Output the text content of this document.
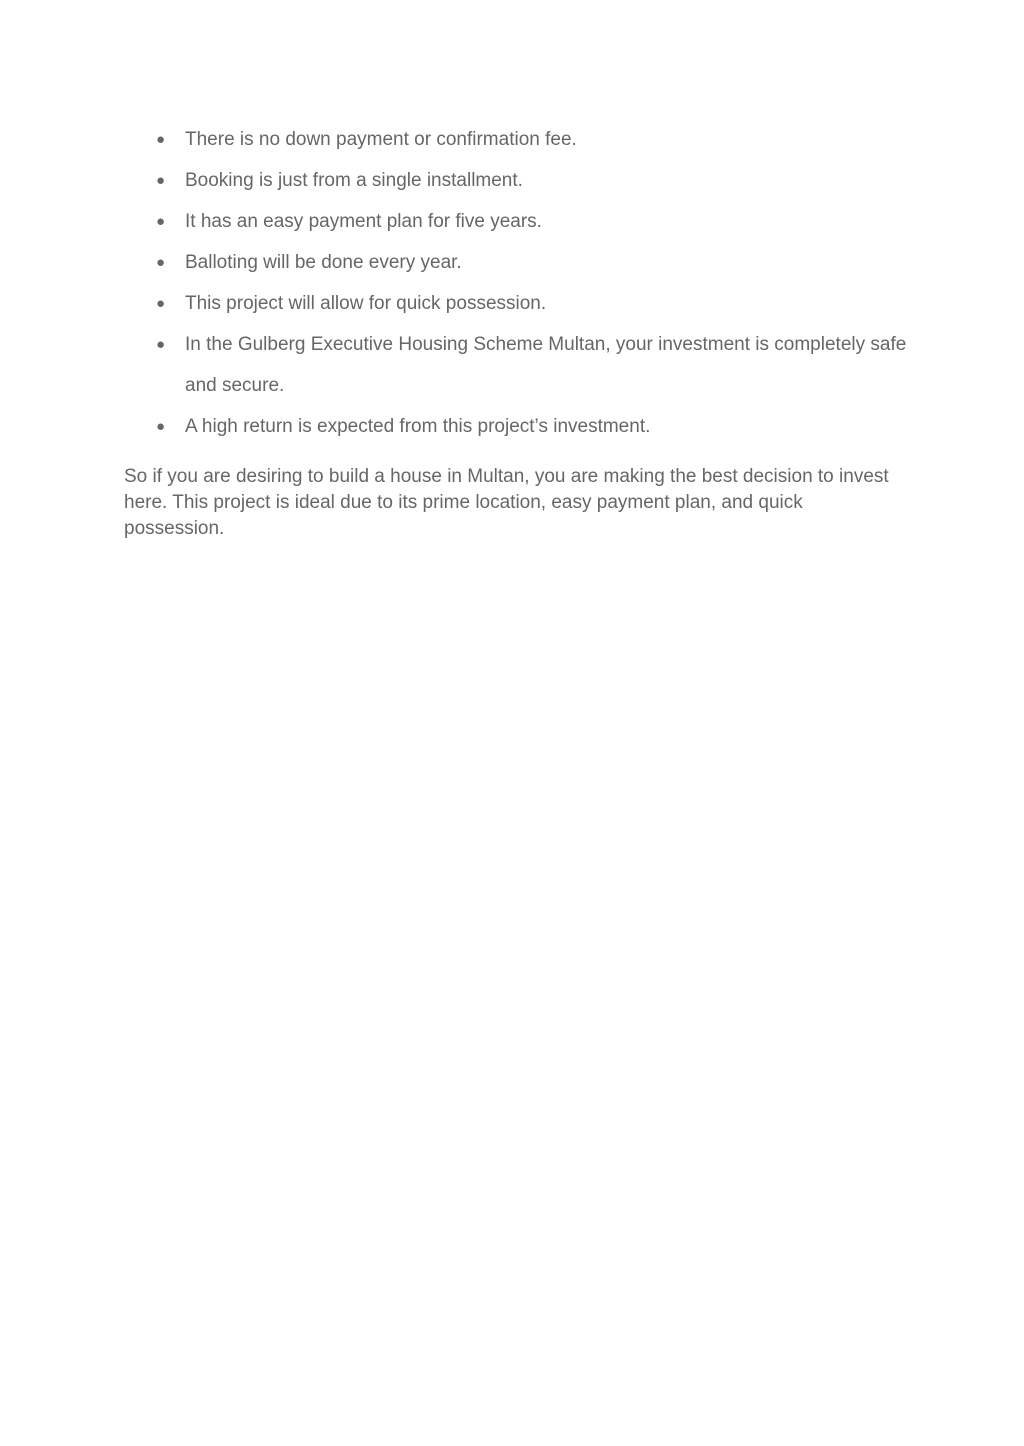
● There is no down payment or confirmation fee.
● Booking is just from a single installment.
● It has an easy payment plan for five years.
● Balloting will be done every year.
● This project will allow for quick possession.
● In the Gulberg Executive Housing Scheme Multan, your investment is completely safe and secure.
● A high return is expected from this project’s investment.

So if you are desiring to build a house in Multan, you are making the best decision to invest here. This project is ideal due to its prime location, easy payment plan, and quick possession.
